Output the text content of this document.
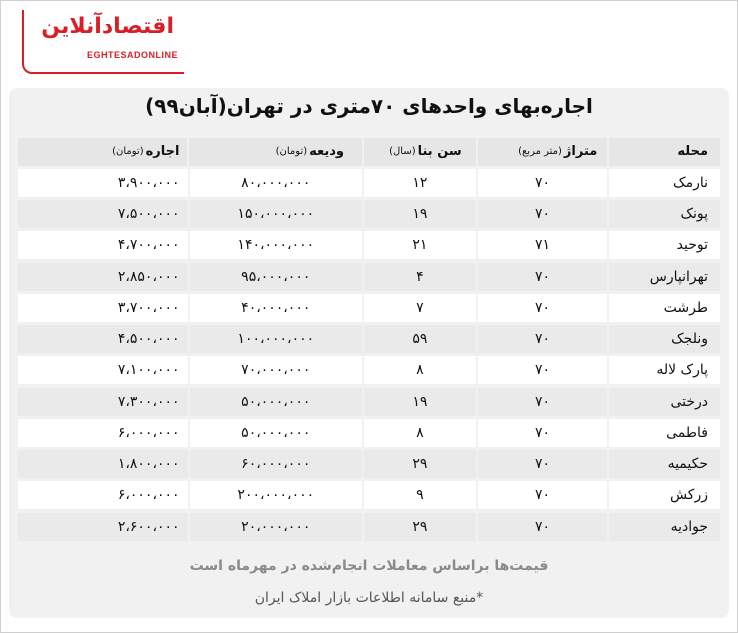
اقتصادآنلاین
EGHTESADONLINE
اجاره‌بهای واحدهای ۷۰متری در تهران(آبان۹۹)
محله
متراژ
(متر مربع)
سن بنا
(سال)
ودیعه
(تومان)
اجاره
(تومان)
نارمک
۷۰
۱۲
۸۰،۰۰۰،۰۰۰
۳،۹۰۰،۰۰۰
پونک
۷۰
۱۹
۱۵۰،۰۰۰،۰۰۰
۷،۵۰۰،۰۰۰
توحید
۷۱
۲۱
۱۴۰،۰۰۰،۰۰۰
۴،۷۰۰،۰۰۰
تهرانپارس
۷۰
۴
۹۵،۰۰۰،۰۰۰
۲،۸۵۰،۰۰۰
طرشت
۷۰
۷
۴۰،۰۰۰،۰۰۰
۳،۷۰۰،۰۰۰
ونلجک
۷۰
۵۹
۱۰۰،۰۰۰،۰۰۰
۴،۵۰۰،۰۰۰
پارک لاله
۷۰
۸
۷۰،۰۰۰،۰۰۰
۷،۱۰۰،۰۰۰
درختی
۷۰
۱۹
۵۰،۰۰۰،۰۰۰
۷،۳۰۰،۰۰۰
فاطمی
۷۰
۸
۵۰،۰۰۰،۰۰۰
۶،۰۰۰،۰۰۰
حکیمیه
۷۰
۲۹
۶۰،۰۰۰،۰۰۰
۱،۸۰۰،۰۰۰
زرکش
۷۰
۹
۲۰۰،۰۰۰،۰۰۰
۶،۰۰۰،۰۰۰
جوادیه
۷۰
۲۹
۲۰،۰۰۰،۰۰۰
۲،۶۰۰،۰۰۰
قیمت‌ها براساس معاملات انجام‌شده در مهرماه است
*منبع سامانه اطلاعات بازار املاک ایران
